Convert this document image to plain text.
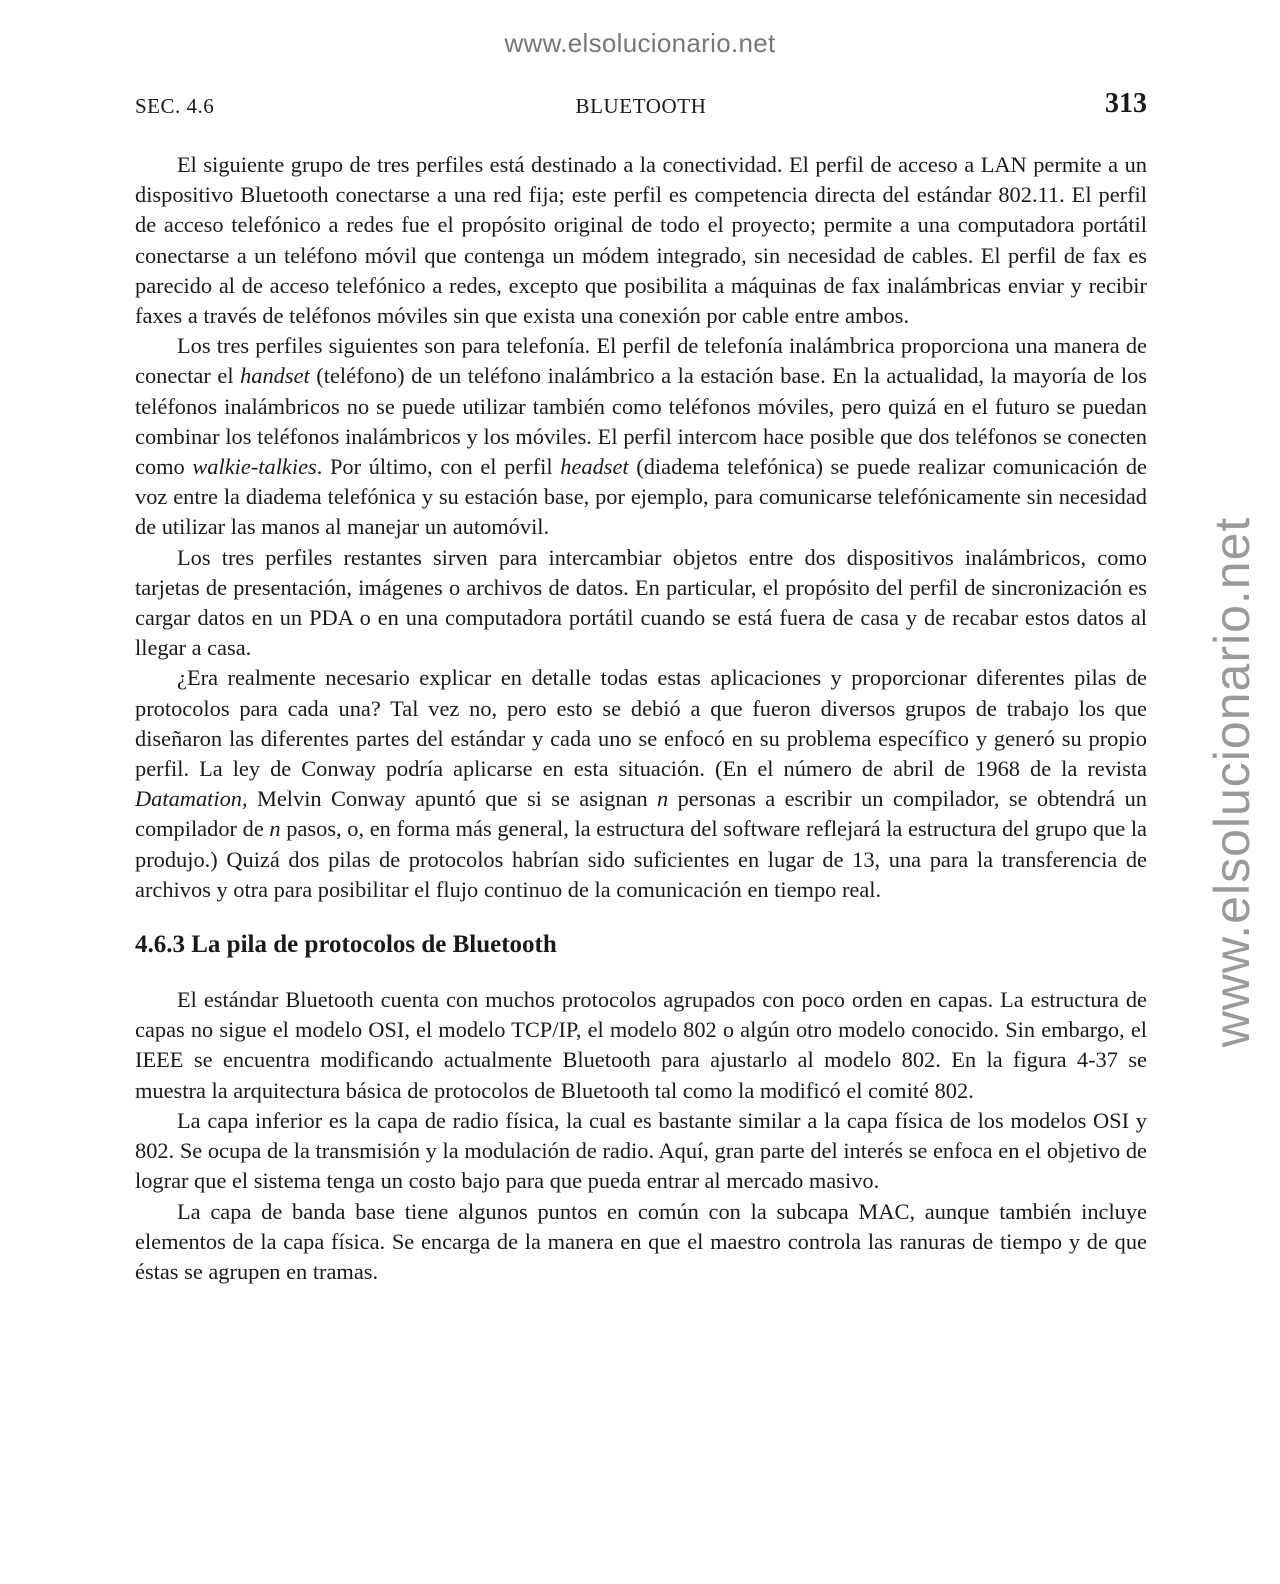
www.elsolucionario.net
www.elsolucionario.net
SEC. 4.6	BLUETOOTH	313

El siguiente grupo de tres perfiles está destinado a la conectividad. El perfil de acceso a LAN permite a un dispositivo Bluetooth conectarse a una red fija; este perfil es competencia directa del estándar 802.11. El perfil de acceso telefónico a redes fue el propósito original de todo el proyecto; permite a una computadora portátil conectarse a un teléfono móvil que contenga un módem integrado, sin necesidad de cables. El perfil de fax es parecido al de acceso telefónico a redes, excepto que posibilita a máquinas de fax inalámbricas enviar y recibir faxes a través de teléfonos móviles sin que exista una conexión por cable entre ambos.

Los tres perfiles siguientes son para telefonía. El perfil de telefonía inalámbrica proporciona una manera de conectar el handset (teléfono) de un teléfono inalámbrico a la estación base. En la actualidad, la mayoría de los teléfonos inalámbricos no se puede utilizar también como teléfonos móviles, pero quizá en el futuro se puedan combinar los teléfonos inalámbricos y los móviles. El perfil intercom hace posible que dos teléfonos se conecten como walkie-talkies. Por último, con el perfil headset (diadema telefónica) se puede realizar comunicación de voz entre la diadema telefónica y su estación base, por ejemplo, para comunicarse telefónicamente sin necesidad de utilizar las manos al manejar un automóvil.

Los tres perfiles restantes sirven para intercambiar objetos entre dos dispositivos inalámbricos, como tarjetas de presentación, imágenes o archivos de datos. En particular, el propósito del perfil de sincronización es cargar datos en un PDA o en una computadora portátil cuando se está fuera de casa y de recabar estos datos al llegar a casa.

¿Era realmente necesario explicar en detalle todas estas aplicaciones y proporcionar diferentes pilas de protocolos para cada una? Tal vez no, pero esto se debió a que fueron diversos grupos de trabajo los que diseñaron las diferentes partes del estándar y cada uno se enfocó en su problema específico y generó su propio perfil. La ley de Conway podría aplicarse en esta situación. (En el número de abril de 1968 de la revista Datamation, Melvin Conway apuntó que si se asignan n personas a escribir un compilador, se obtendrá un compilador de n pasos, o, en forma más general, la estructura del software reflejará la estructura del grupo que la produjo.) Quizá dos pilas de protocolos habrían sido suficientes en lugar de 13, una para la transferencia de archivos y otra para posibilitar el flujo continuo de la comunicación en tiempo real.

4.6.3 La pila de protocolos de Bluetooth

El estándar Bluetooth cuenta con muchos protocolos agrupados con poco orden en capas. La estructura de capas no sigue el modelo OSI, el modelo TCP/IP, el modelo 802 o algún otro modelo conocido. Sin embargo, el IEEE se encuentra modificando actualmente Bluetooth para ajustarlo al modelo 802. En la figura 4-37 se muestra la arquitectura básica de protocolos de Bluetooth tal como la modificó el comité 802.

La capa inferior es la capa de radio física, la cual es bastante similar a la capa física de los modelos OSI y 802. Se ocupa de la transmisión y la modulación de radio. Aquí, gran parte del interés se enfoca en el objetivo de lograr que el sistema tenga un costo bajo para que pueda entrar al mercado masivo.

La capa de banda base tiene algunos puntos en común con la subcapa MAC, aunque también incluye elementos de la capa física. Se encarga de la manera en que el maestro controla las ranuras de tiempo y de que éstas se agrupen en tramas.
